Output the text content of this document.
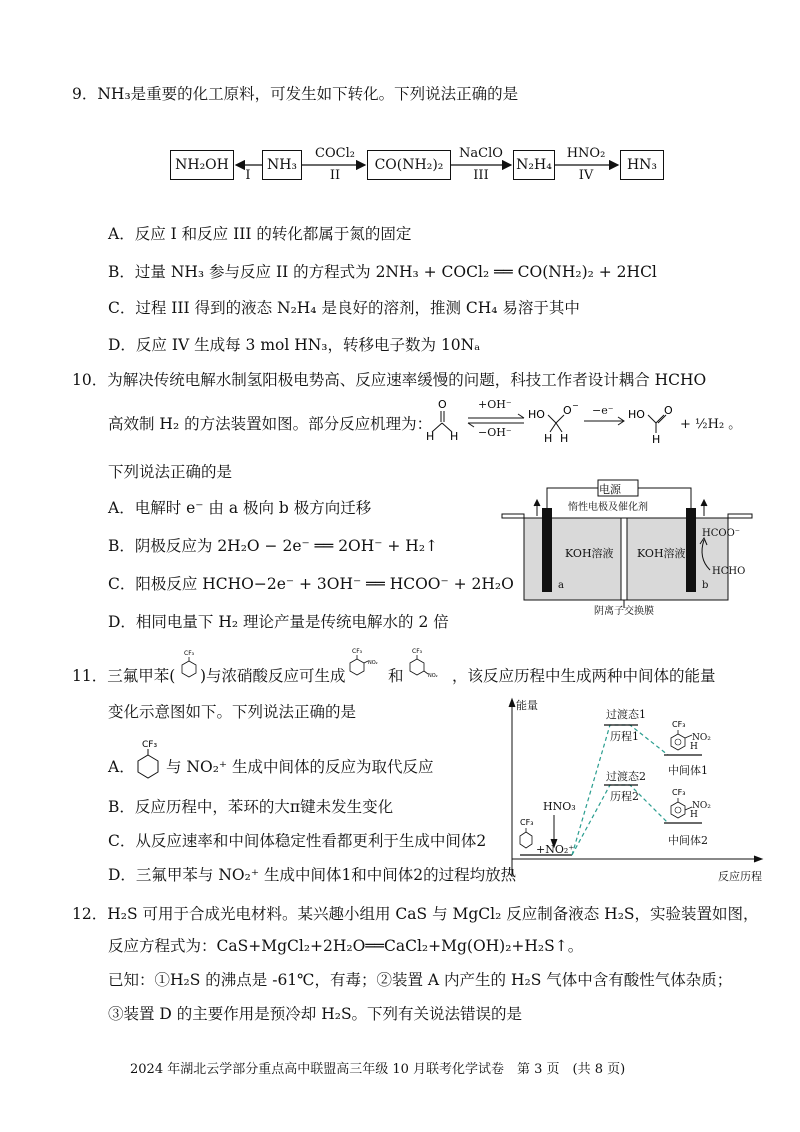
9．NH₃是重要的化工原料，可发生如下转化。下列说法正确的是
NH₂OH	NH₃	CO(NH₂)₂	N₂H₄	HN₃
I
COCl₂
II
NaClO
III
HNO₂
IV
A．反应 I 和反应 III 的转化都属于氮的固定
B．过量 NH₃ 参与反应 II 的方程式为 2NH₃ + COCl₂ ══ CO(NH₂)₂ + 2HCl
C．过程 III 得到的液态 N₂H₄ 是良好的溶剂，推测 CH₄ 易溶于其中
D．反应 IV 生成每 3 mol HN₃，转移电子数为 10Nₐ
10．为解决传统电解水制氢阳极电势高、反应速率缓慢的问题，科技工作者设计耦合 HCHO
高效制 H₂ 的方法装置如图。部分反应机理为：
O
H H
HO O −
H H
HO O
H
+OH⁻
−OH⁻
−e⁻
+ ½H₂ 。
下列说法正确的是
A．电解时 e⁻ 由 a 极向 b 极方向迁移
B．阴极反应为 2H₂O − 2e⁻ ══ 2OH⁻ + H₂↑
C．阳极反应 HCHO−2e⁻ + 3OH⁻ ══ HCOO⁻ + 2H₂O
D．相同电量下 H₂ 理论产量是传统电解水的 2 倍
电源
惰性电极及催化剂
KOH溶液 KOH溶液
a	b
HCOO⁻
HCHO
阴离子交换膜
11．三氟甲苯(
CF₃
)与浓硝酸反应可生成
CF₃
NO₂
和
CF₃
NO₂ ，该反应历程中生成两种中间体的能量
变化示意图如下。下列说法正确的是
A．
CF₃
与 NO₂⁺ 生成中间体的反应为取代反应
B．反应历程中，苯环的大π键未发生变化
C．从反应速率和中间体稳定性看都更利于生成中间体2
D．三氟甲苯与 NO₂⁺ 生成中间体1和中间体2的过程均放热
CF₃
CF₃
CF₃
能量
反应历程
过渡态1
历程1
过渡态2
历程2
中间体1
中间体2
NO₂
H
NO₂
H
HNO₃
+NO₂⁺
12．H₂S 可用于合成光电材料。某兴趣小组用 CaS 与 MgCl₂ 反应制备液态 H₂S，实验装置如图，
反应方程式为：CaS+MgCl₂+2H₂O══CaCl₂+Mg(OH)₂+H₂S↑。
已知：①H₂S 的沸点是 -61℃，有毒；②装置 A 内产生的 H₂S 气体中含有酸性气体杂质；
③装置 D 的主要作用是预冷却 H₂S。下列有关说法错误的是
2024 年湖北云学部分重点高中联盟高三年级 10 月联考化学试卷　第 3 页　(共 8 页)
